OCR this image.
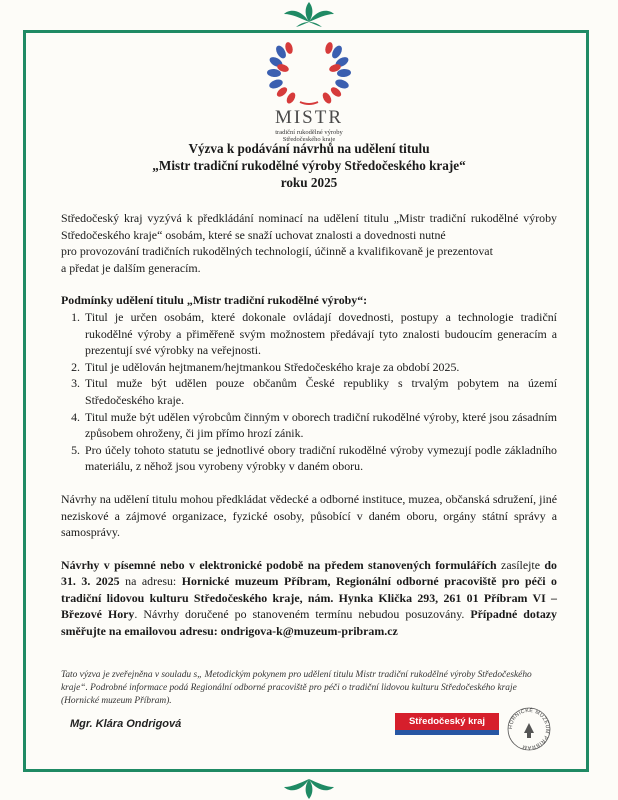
MISTR
tradiční rukodělné výroby
Středočeského kraje
Výzva k podávání návrhů na udělení titulu
„Mistr tradiční rukodělné výroby Středočeského kraje“
roku 2025

Středočeský kraj vyzývá k předkládání nominací na udělení titulu „Mistr tradiční rukodělné výroby Středočeského kraje“ osobám, které se snaží uchovat znalosti a dovednosti nutné
pro provozování tradičních rukodělných technologií, účinně a kvalifikovaně je prezentovat
a předat je dalším generacím.

Podmínky udělení titulu „Mistr tradiční rukodělné výroby“:

1. Titul je určen osobám, které dokonale ovládají dovednosti, postupy a technologie tradiční rukodělné výroby a přiměřeně svým možnostem předávají tyto znalosti budoucím generacím a prezentují své výrobky na veřejnosti.
2. Titul je udělován hejtmanem/hejtmankou Středočeského kraje za období 2025.
3. Titul muže být udělen pouze občanům České republiky s trvalým pobytem na území Středočeského kraje.
4. Titul muže být udělen výrobcům činným v oborech tradiční rukodělné výroby, které jsou zásadním způsobem ohroženy, či jim přímo hrozí zánik.
5. Pro účely tohoto statutu se jednotlivé obory tradiční rukodělné výroby vymezují podle základního materiálu, z něhož jsou vyrobeny výrobky v daném oboru.

Návrhy na udělení titulu mohou předkládat vědecké a odborné instituce, muzea, občanská sdružení, jiné neziskové a zájmové organizace, fyzické osoby, působící v daném oboru, orgány státní správy a samosprávy.

Návrhy v písemné nebo v elektronické podobě na předem stanovených formulářích zasílejte do 31. 3. 2025 na adresu: Hornické muzeum Příbram, Regionální odborné pracoviště pro péči o tradiční lidovou kulturu Středočeského kraje, nám. Hynka Klička 293, 261 01 Příbram VI – Březové Hory. Návrhy doručené po stanoveném termínu nebudou posuzovány. Případné dotazy směřujte na emailovou adresu: ondrigova-k@muzeum-pribram.cz

Tato výzva je zveřejněna v souladu s„ Metodickým pokynem pro udělení titulu Mistr tradiční rukodělné výroby Středočeského kraje“. Podrobné informace podá Regionální odborné pracoviště pro péči o tradiční lidovou kulturu Středočeského kraje (Hornické muzeum Příbram).

Mgr. Klára Ondrigová	Středočeský kraj	HORNICKÉ MUZEUM PŘÍBRAM
